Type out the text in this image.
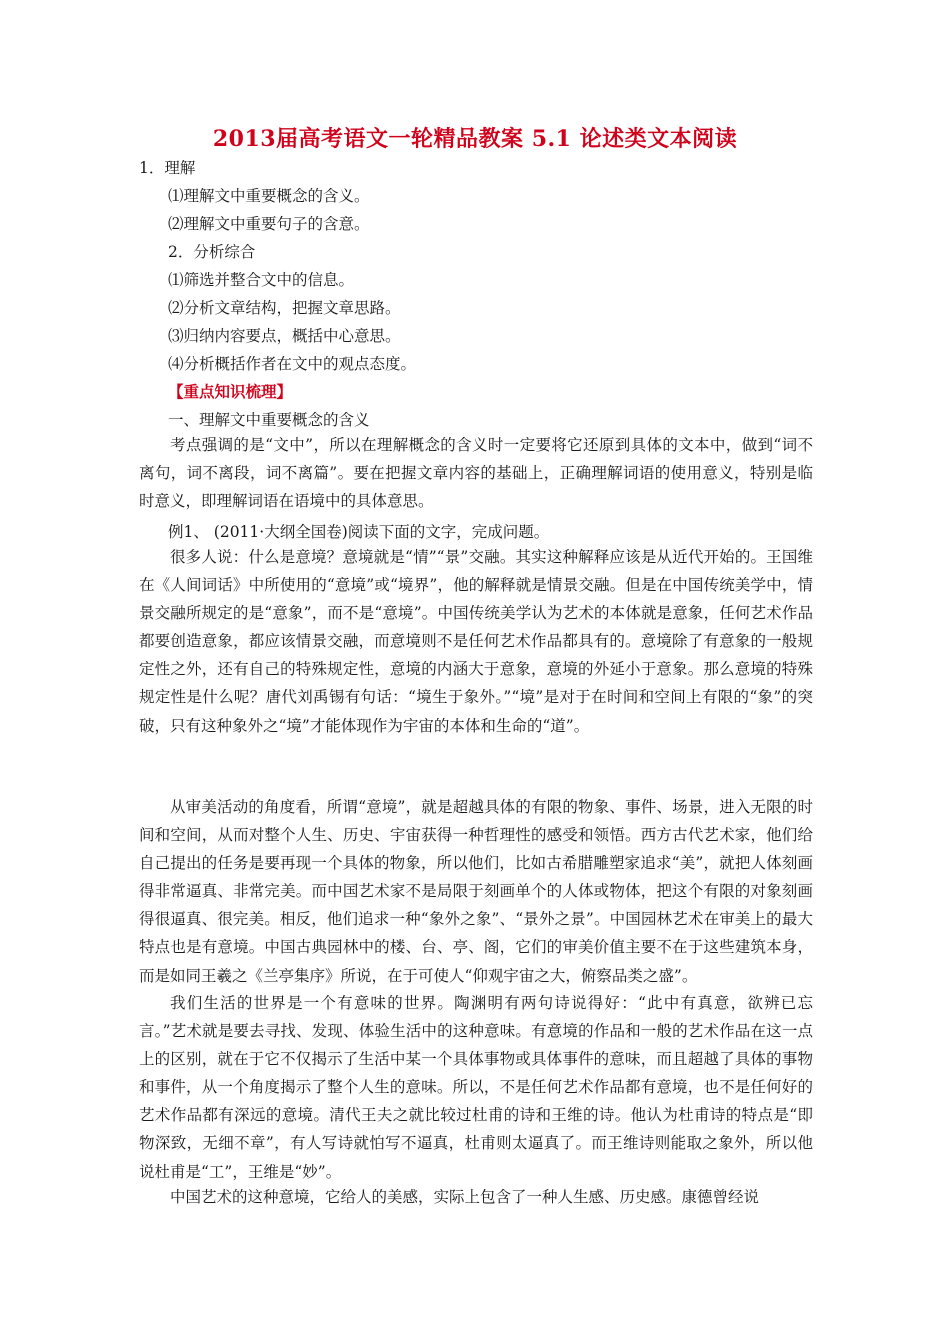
2013届高考语文一轮精品教案 5.1 论述类文本阅读
1．理解
⑴理解文中重要概念的含义。
⑵理解文中重要句子的含意。
2．分析综合
⑴筛选并整合文中的信息。
⑵分析文章结构，把握文章思路。
⑶归纳内容要点，概括中心意思。
⑷分析概括作者在文中的观点态度。
【重点知识梳理】
一、理解文中重要概念的含义

考点强调的是“文中”，所以在理解概念的含义时一定要将它还原到具体的文本中，做到“词不离句，词不离段，词不离篇”。要在把握文章内容的基础上，正确理解词语的使用意义，特别是临时意义，即理解词语在语境中的具体意思。

例1、 (2011·大纲全国卷)阅读下面的文字，完成问题。

很多人说：什么是意境？意境就是“情”“景”交融。其实这种解释应该是从近代开始的。王国维在《人间词话》中所使用的“意境”或“境界”，他的解释就是情景交融。但是在中国传统美学中，情景交融所规定的是“意象”，而不是“意境”。中国传统美学认为艺术的本体就是意象，任何艺术作品都要创造意象，都应该情景交融，而意境则不是任何艺术作品都具有的。意境除了有意象的一般规定性之外，还有自己的特殊规定性，意境的内涵大于意象，意境的外延小于意象。那么意境的特殊规定性是什么呢？唐代刘禹锡有句话：“境生于象外。”“境”是对于在时间和空间上有限的“象”的突破，只有这种象外之“境”才能体现作为宇宙的本体和生命的“道”。

从审美活动的角度看，所谓“意境”，就是超越具体的有限的物象、事件、场景，进入无限的时间和空间，从而对整个人生、历史、宇宙获得一种哲理性的感受和领悟。西方古代艺术家，他们给自己提出的任务是要再现一个具体的物象，所以他们，比如古希腊雕塑家追求“美”，就把人体刻画得非常逼真、非常完美。而中国艺术家不是局限于刻画单个的人体或物体，把这个有限的对象刻画得很逼真、很完美。相反，他们追求一种“象外之象”、“景外之景”。中国园林艺术在审美上的最大特点也是有意境。中国古典园林中的楼、台、亭、阁，它们的审美价值主要不在于这些建筑本身，而是如同王羲之《兰亭集序》所说，在于可使人“仰观宇宙之大，俯察品类之盛”。

我们生活的世界是一个有意味的世界。陶渊明有两句诗说得好：“此中有真意，欲辨已忘言。”艺术就是要去寻找、发现、体验生活中的这种意味。有意境的作品和一般的艺术作品在这一点上的区别，就在于它不仅揭示了生活中某一个具体事物或具体事件的意味，而且超越了具体的事物和事件，从一个角度揭示了整个人生的意味。所以，不是任何艺术作品都有意境，也不是任何好的艺术作品都有深远的意境。清代王夫之就比较过杜甫的诗和王维的诗。他认为杜甫诗的特点是“即物深致，无细不章”，有人写诗就怕写不逼真，杜甫则太逼真了。而王维诗则能取之象外，所以他说杜甫是“工”，王维是“妙”。

中国艺术的这种意境，它给人的美感，实际上包含了一种人生感、历史感。康德曾经说
